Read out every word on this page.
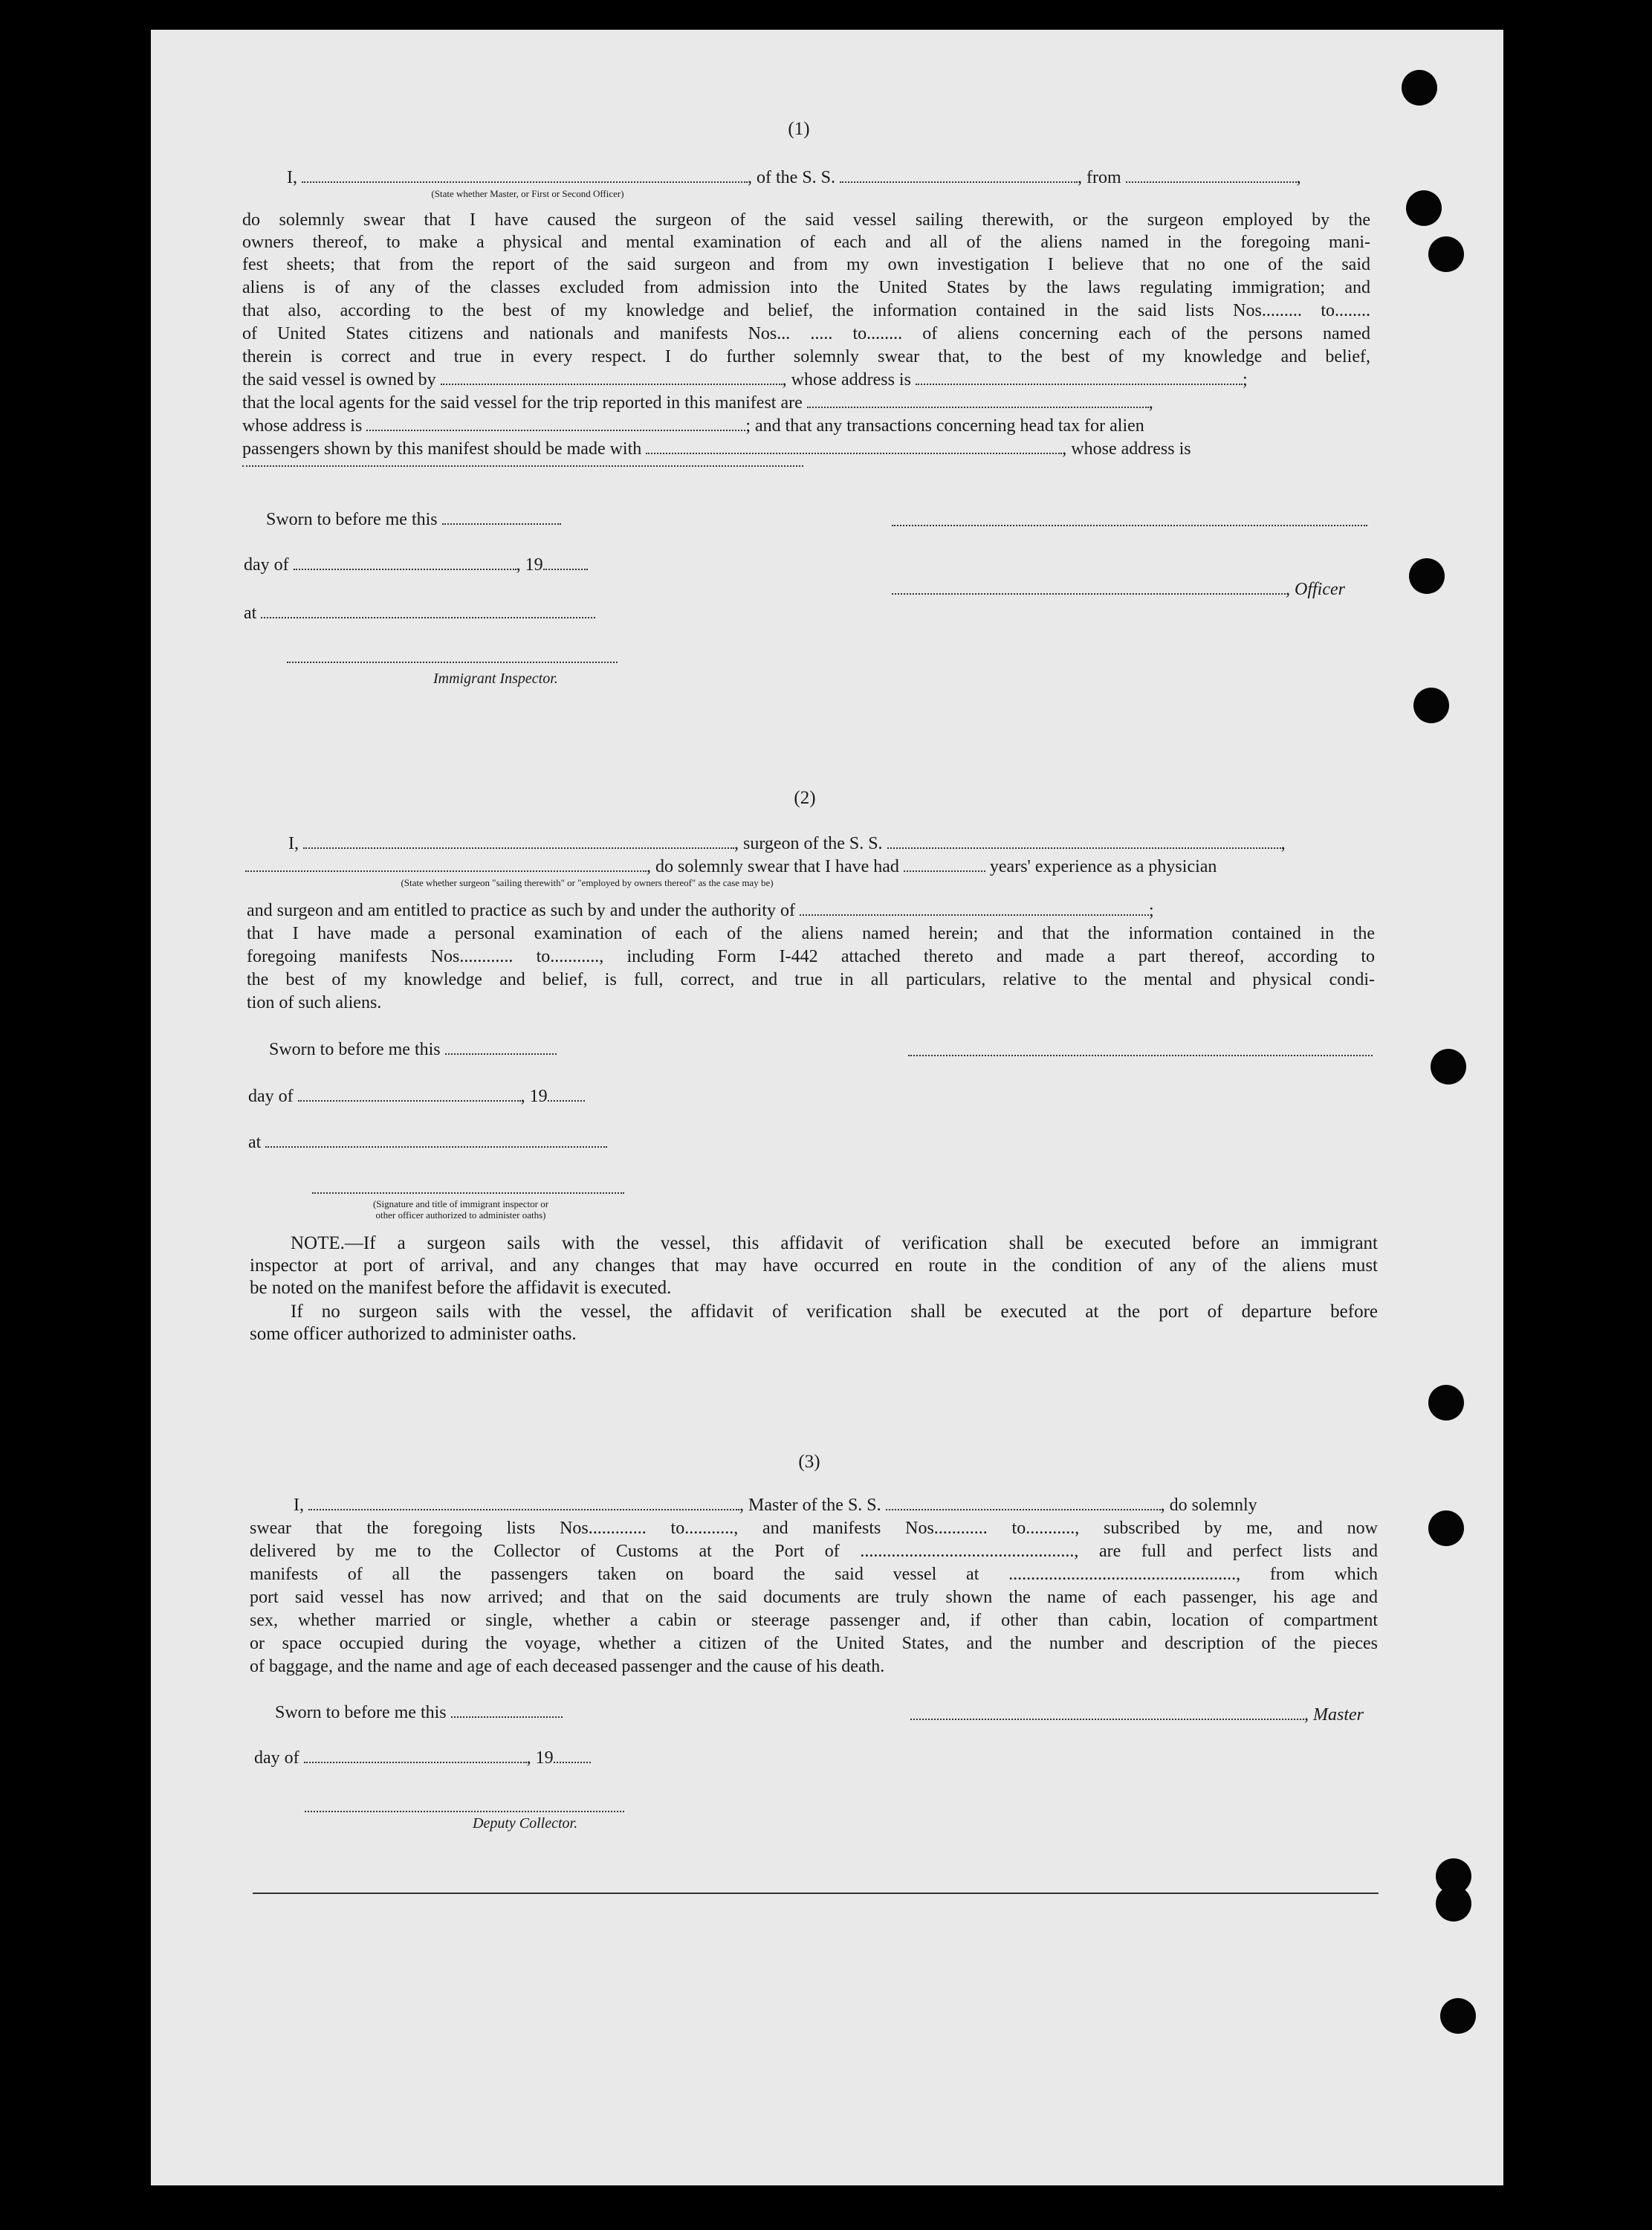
(1)
I,	, of the S. S.	, from	,
(State whether Master, or First or Second Officer)
do solemnly swear that I have caused the surgeon of the said vessel sailing therewith, or the surgeon employed by the
owners thereof, to make a physical and mental examination of each and all of the aliens named in the foregoing mani-
fest sheets; that from the report of the said surgeon and from my own investigation I believe that no one of the said
aliens is of any of the classes excluded from admission into the United States by the laws regulating immigration; and
that also, according to the best of my knowledge and belief, the information contained in the said lists Nos......... to........
of United States citizens and nationals and manifests Nos... ..... to........ of aliens concerning each of the persons named
therein is correct and true in every respect. I do further solemnly swear that, to the best of my knowledge and belief,
the said vessel is owned by	, whose address is	;
that the local agents for the said vessel for the trip reported in this manifest are	,
whose address is	; and that any transactions concerning head tax for alien
passengers shown by this manifest should be made with	, whose address is
Sworn to before me this
day of	, 19
, Officer
at
Immigrant Inspector.
(2)
I,	, surgeon of the S. S.	,
, do solemnly swear that I have had	years' experience as a physician
(State whether surgeon "sailing therewith" or "employed by owners thereof" as the case may be)
and surgeon and am entitled to practice as such by and under the authority of	;
that I have made a personal examination of each of the aliens named herein; and that the information contained in the
foregoing manifests Nos............ to..........., including Form I-442 attached thereto and made a part thereof, according to
the best of my knowledge and belief, is full, correct, and true in all particulars, relative to the mental and physical condi-
tion of such aliens.
Sworn to before me this
day of	, 19
at
(Signature and title of immigrant inspector or
other officer authorized to administer oaths)
NOTE.—If a surgeon sails with the vessel, this affidavit of verification shall be executed before an immigrant
inspector at port of arrival, and any changes that may have occurred en route in the condition of any of the aliens must
be noted on the manifest before the affidavit is executed.
If no surgeon sails with the vessel, the affidavit of verification shall be executed at the port of departure before
some officer authorized to administer oaths.
(3)
I,	, Master of the S. S.	, do solemnly
swear that the foregoing lists Nos............. to..........., and manifests Nos............ to..........., subscribed by me, and now
delivered by me to the Collector of Customs at the Port of ................................................, are full and perfect lists and
manifests of all the passengers taken on board the said vessel at ..................................................., from which
port said vessel has now arrived; and that on the said documents are truly shown the name of each passenger, his age and
sex, whether married or single, whether a cabin or steerage passenger and, if other than cabin, location of compartment
or space occupied during the voyage, whether a citizen of the United States, and the number and description of the pieces
of baggage, and the name and age of each deceased passenger and the cause of his death.
Sworn to before me this	, Master
day of	, 19
Deputy Collector.
